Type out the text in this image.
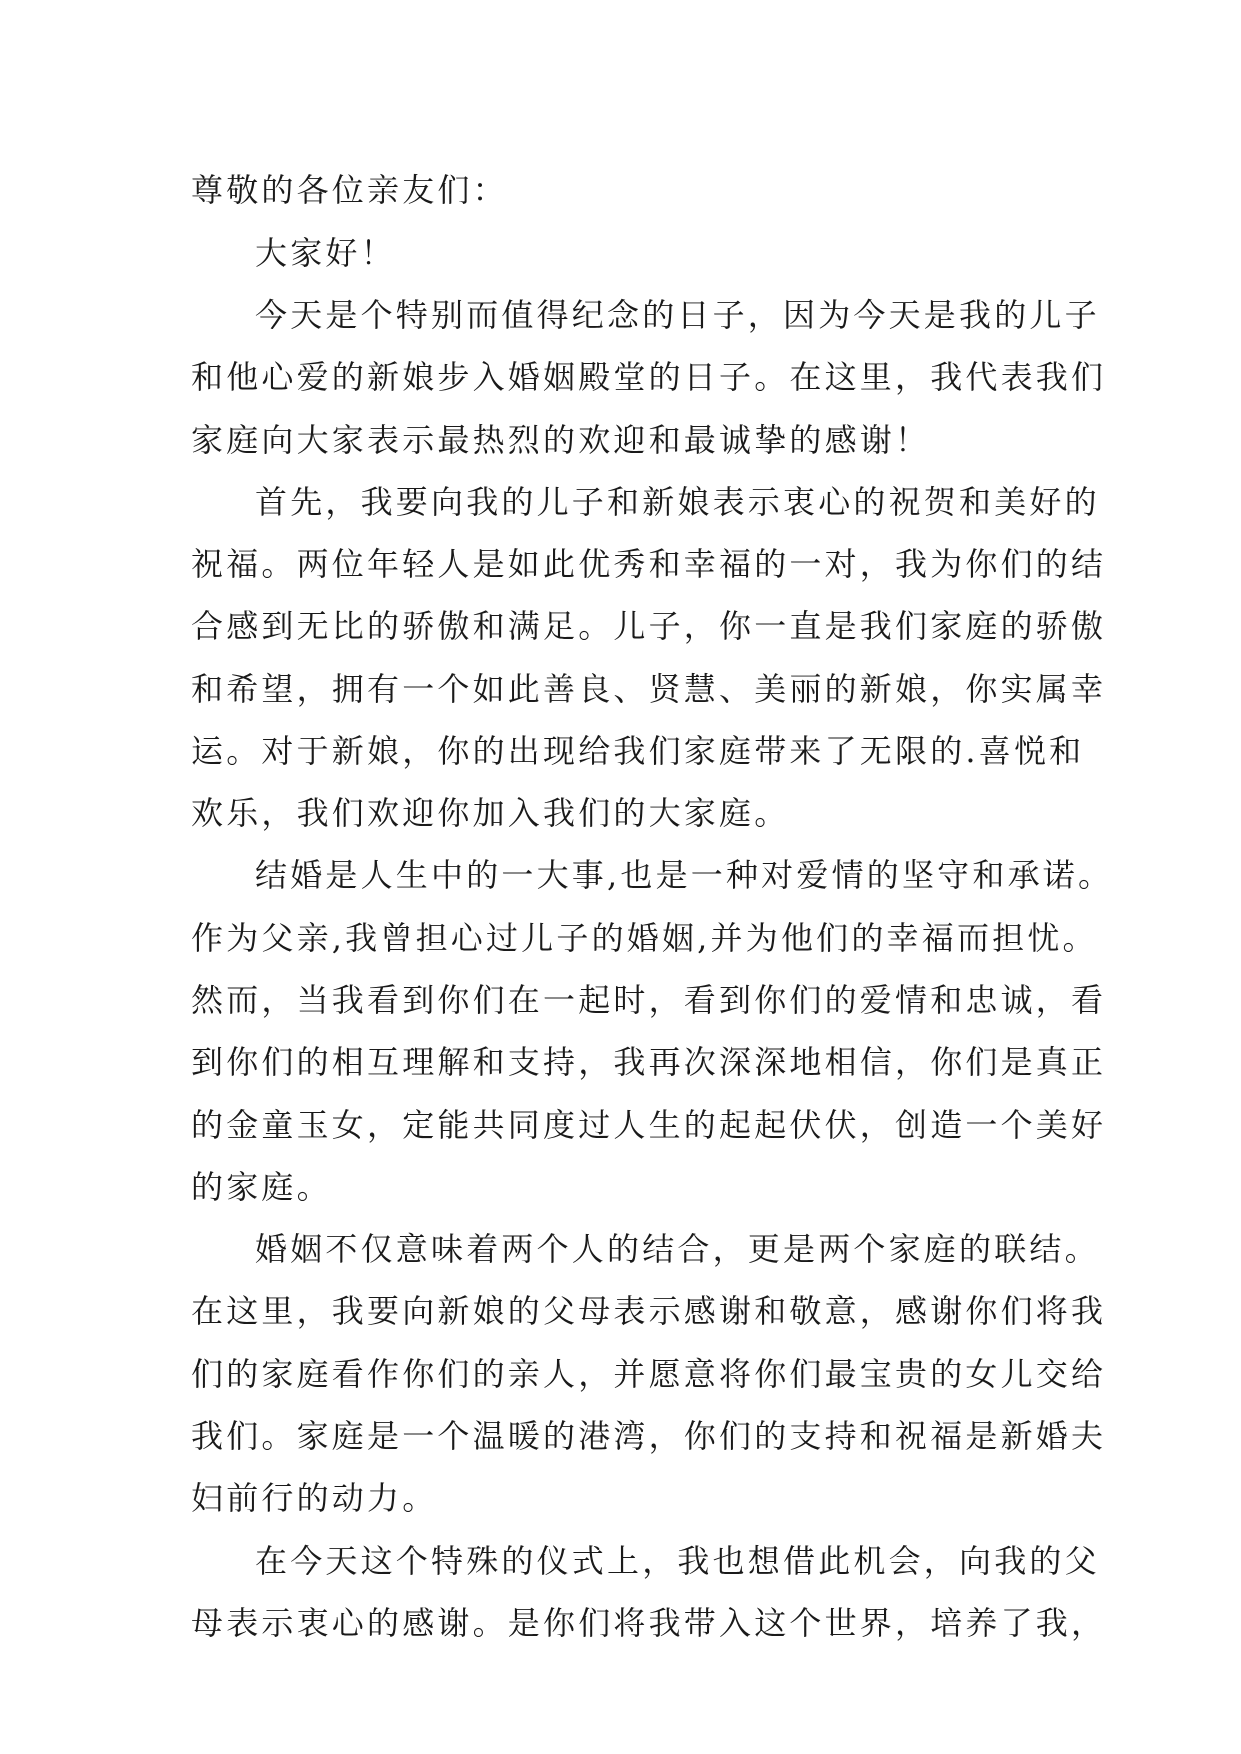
尊敬的各位亲友们：
大家好！
今天是个特别而值得纪念的日子，因为今天是我的儿子
和他心爱的新娘步入婚姻殿堂的日子。在这里，我代表我们
家庭向大家表示最热烈的欢迎和最诚挚的感谢！
首先，我要向我的儿子和新娘表示衷心的祝贺和美好的
祝福。两位年轻人是如此优秀和幸福的一对，我为你们的结
合感到无比的骄傲和满足。儿子，你一直是我们家庭的骄傲
和希望，拥有一个如此善良、贤慧、美丽的新娘，你实属幸
运。对于新娘，你的出现给我们家庭带来了无限的.喜悦和
欢乐，我们欢迎你加入我们的大家庭。
结婚是人生中的一大事,也是一种对爱情的坚守和承诺。
作为父亲,我曾担心过儿子的婚姻,并为他们的幸福而担忧。
然而，当我看到你们在一起时，看到你们的爱情和忠诚，看
到你们的相互理解和支持，我再次深深地相信，你们是真正
的金童玉女，定能共同度过人生的起起伏伏，创造一个美好
的家庭。
婚姻不仅意味着两个人的结合，更是两个家庭的联结。
在这里，我要向新娘的父母表示感谢和敬意，感谢你们将我
们的家庭看作你们的亲人，并愿意将你们最宝贵的女儿交给
我们。家庭是一个温暖的港湾，你们的支持和祝福是新婚夫
妇前行的动力。
在今天这个特殊的仪式上，我也想借此机会，向我的父
母表示衷心的感谢。是你们将我带入这个世界，培养了我，
